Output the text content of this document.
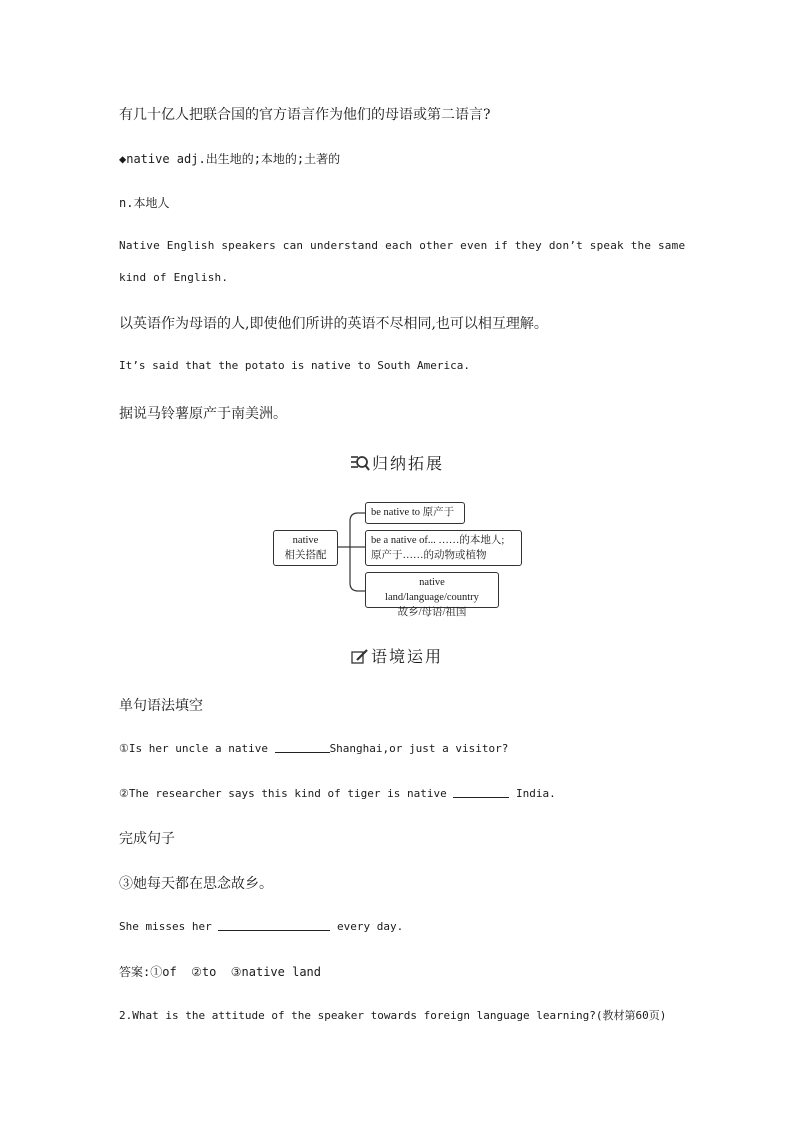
有几十亿人把联合国的官方语言作为他们的母语或第二语言?
◆native adj.出生地的;本地的;土著的
n.本地人
Native English speakers can understand each other even if they don’t speak the same
kind of English.
以英语作为母语的人,即使他们所讲的英语不尽相同,也可以相互理解。
It’s said that the potato is native to South America.
据说马铃薯原产于南美洲。
归纳拓展
native
相关搭配
be native to 原产于
be a native of... ……的本地人;
原产于……的动物或植物
native land/language/country
故乡/母语/祖国
语境运用
单句语法填空
①Is her uncle a native	Shanghai,or just a visitor?
②The researcher says this kind of tiger is native	India.
完成句子
③她每天都在思念故乡。
She misses her	every day.
答案:①of  ②to  ③native land
2.What is the attitude of the speaker towards foreign language learning?(教材第60页)
